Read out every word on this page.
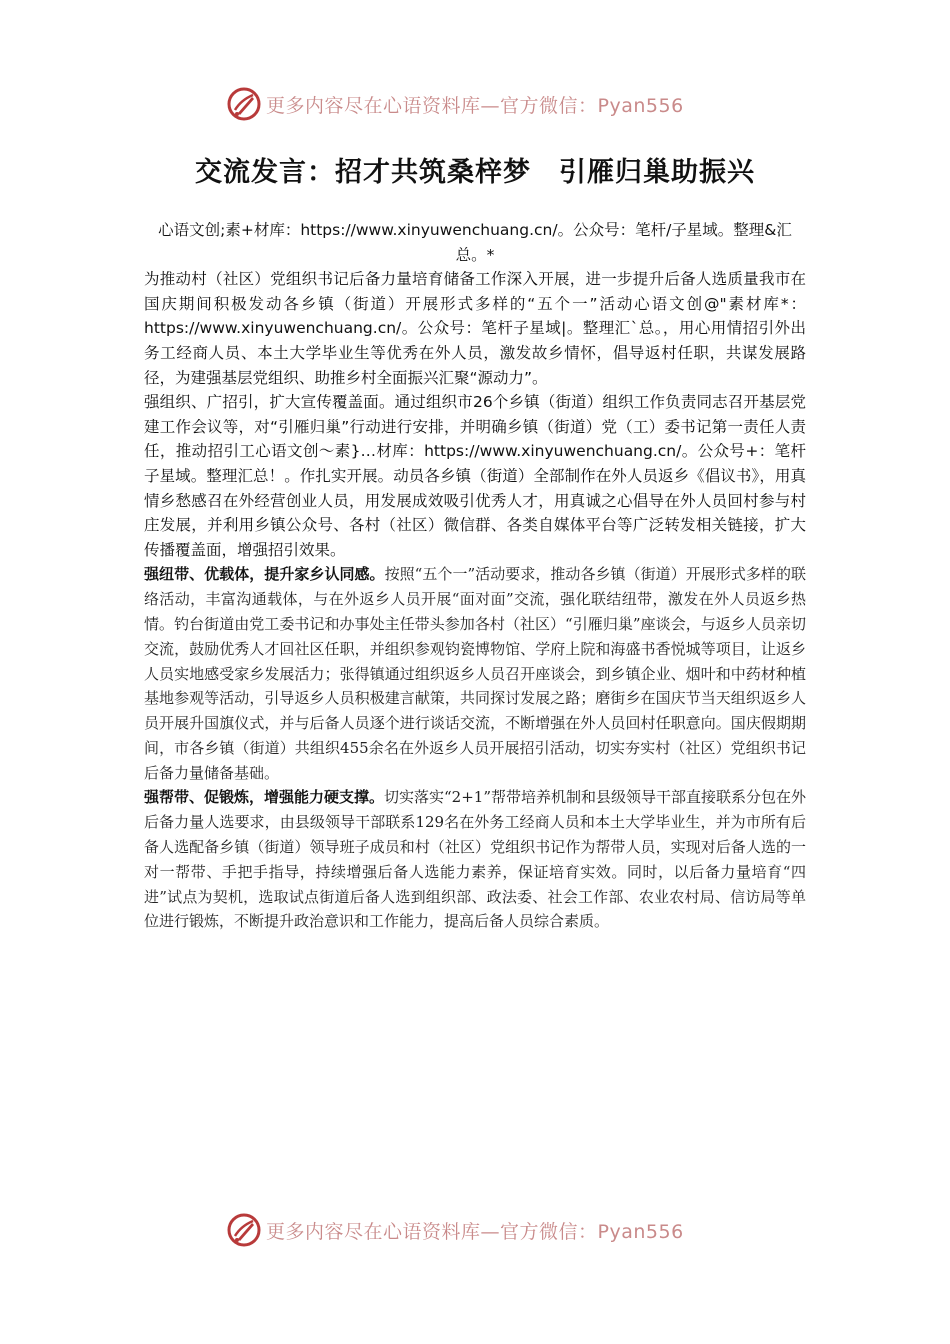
更多内容尽在心语资料库—官方微信：Pyan556
交流发言：招才共筑桑梓梦　引雁归巢助振兴

心语文创;素+材库：https://www.xinyuwenchuang.cn/。公众号：笔杆/子星域。整理&汇总。*

为推动村（社区）党组织书记后备力量培育储备工作深入开展，进一步提升后备人选质量我市在国庆期间积极发动各乡镇（街道）开展形式多样的“五个一”活动心语文创@"素材库*：https://www.xinyuwenchuang.cn/。公众号：笔杆子星域|。整理汇`总。，用心用情招引外出务工经商人员、本土大学毕业生等优秀在外人员，激发故乡情怀，倡导返村任职，共谋发展路径，为建强基层党组织、助推乡村全面振兴汇聚“源动力”。

强组织、广招引，扩大宣传覆盖面。通过组织市26个乡镇（街道）组织工作负责同志召开基层党建工作会议等，对“引雁归巢”行动进行安排，并明确乡镇（街道）党（工）委书记第一责任人责任，推动招引工心语文创～素}…材库：https://www.xinyuwenchuang.cn/。公众号+：笔杆子星域。整理汇总！。作扎实开展。动员各乡镇（街道）全部制作在外人员返乡《倡议书》，用真情乡愁感召在外经营创业人员，用发展成效吸引优秀人才，用真诚之心倡导在外人员回村参与村庄发展，并利用乡镇公众号、各村（社区）微信群、各类自媒体平台等广泛转发相关链接，扩大传播覆盖面，增强招引效果。

强纽带、优载体，提升家乡认同感。按照“五个一”活动要求，推动各乡镇（街道）开展形式多样的联络活动，丰富沟通载体，与在外返乡人员开展“面对面”交流，强化联结纽带，激发在外人员返乡热情。钓台街道由党工委书记和办事处主任带头参加各村（社区）“引雁归巢”座谈会，与返乡人员亲切交流，鼓励优秀人才回社区任职，并组织参观钧瓷博物馆、学府上院和海盛书香悦城等项目，让返乡人员实地感受家乡发展活力；张得镇通过组织返乡人员召开座谈会，到乡镇企业、烟叶和中药材种植基地参观等活动，引导返乡人员积极建言献策，共同探讨发展之路；磨街乡在国庆节当天组织返乡人员开展升国旗仪式，并与后备人员逐个进行谈话交流，不断增强在外人员回村任职意向。国庆假期期间，市各乡镇（街道）共组织455余名在外返乡人员开展招引活动，切实夯实村（社区）党组织书记后备力量储备基础。

强帮带、促锻炼，增强能力硬支撑。切实落实“2+1”帮带培养机制和县级领导干部直接联系分包在外后备力量人选要求，由县级领导干部联系129名在外务工经商人员和本土大学毕业生，并为市所有后备人选配备乡镇（街道）领导班子成员和村（社区）党组织书记作为帮带人员，实现对后备人选的一对一帮带、手把手指导，持续增强后备人选能力素养，保证培育实效。同时，以后备力量培育“四进”试点为契机，选取试点街道后备人选到组织部、政法委、社会工作部、农业农村局、信访局等单位进行锻炼，不断提升政治意识和工作能力，提高后备人员综合素质。

更多内容尽在心语资料库—官方微信：Pyan556
